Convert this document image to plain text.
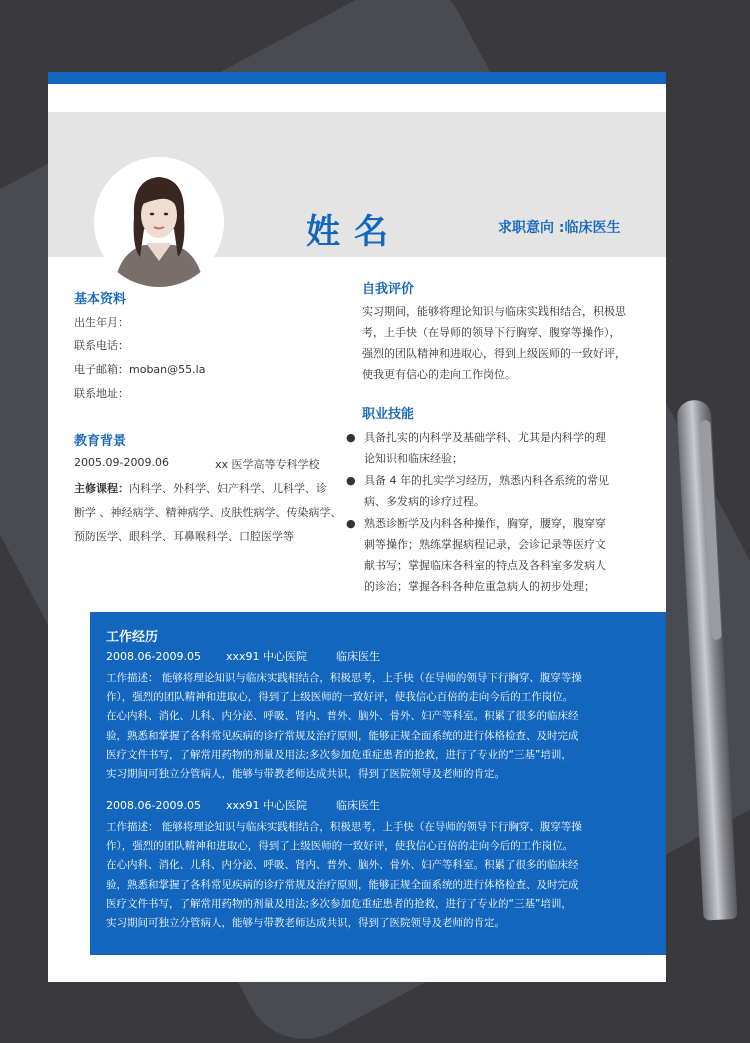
姓名	求职意向 :临床医生
基本资料
出生年月：
联系电话：
电子邮箱：moban@55.la
联系地址：
教育背景
2005.09-2009.06	xx 医学高等专科学校
主修课程：内科学、外科学、妇产科学、儿科学、诊
断学 、神经病学、精神病学、皮肤性病学、传染病学、
预防医学、眼科学、耳鼻喉科学、口腔医学等
自我评价
实习期间，能够将理论知识与临床实践相结合，积极思
考，上手快（在导师的领导下行胸穿、腹穿等操作），
强烈的团队精神和进取心，得到上级医师的一致好评，
使我更有信心的走向工作岗位。
职业技能
● 具备扎实的内科学及基础学科、尤其是内科学的理
论知识和临床经验；
● 具备 4 年的扎实学习经历，熟悉内科各系统的常见
病、多发病的诊疗过程。
● 熟悉诊断学及内科各种操作，胸穿，腰穿，腹穿穿
刺等操作；熟练掌握病程记录，会诊记录等医疗文
献书写；掌握临床各科室的特点及各科室多发病人
的诊治；掌握各科各种危重急病人的初步处理；
工作经历
2008.06-2009.05 xxx91 中心医院	临床医生
工作描述： 能够将理论知识与临床实践相结合，积极思考，上手快（在导师的领导下行胸穿、腹穿等操
作），强烈的团队精神和进取心，得到了上级医师的一致好评，使我信心百倍的走向今后的工作岗位。
在心内科、消化、儿科、内分泌、呼吸、肾内、普外、脑外、骨外、妇产等科室。积累了很多的临床经
验，熟悉和掌握了各科常见疾病的诊疗常规及治疗原则，能够正规全面系统的进行体格检查、及时完成
医疗文件书写，了解常用药物的剂量及用法;多次参加危重症患者的抢救，进行了专业的“三基”培训，
实习期间可独立分管病人，能够与带教老师达成共识，得到了医院领导及老师的肯定。
2008.06-2009.05 xxx91 中心医院	临床医生
工作描述： 能够将理论知识与临床实践相结合，积极思考，上手快（在导师的领导下行胸穿、腹穿等操
作），强烈的团队精神和进取心，得到了上级医师的一致好评，使我信心百倍的走向今后的工作岗位。
在心内科、消化、儿科、内分泌、呼吸、肾内、普外、脑外、骨外、妇产等科室。积累了很多的临床经
验，熟悉和掌握了各科常见疾病的诊疗常规及治疗原则，能够正规全面系统的进行体格检查、及时完成
医疗文件书写，了解常用药物的剂量及用法;多次参加危重症患者的抢救，进行了专业的“三基”培训，
实习期间可独立分管病人，能够与带教老师达成共识，得到了医院领导及老师的肯定。
